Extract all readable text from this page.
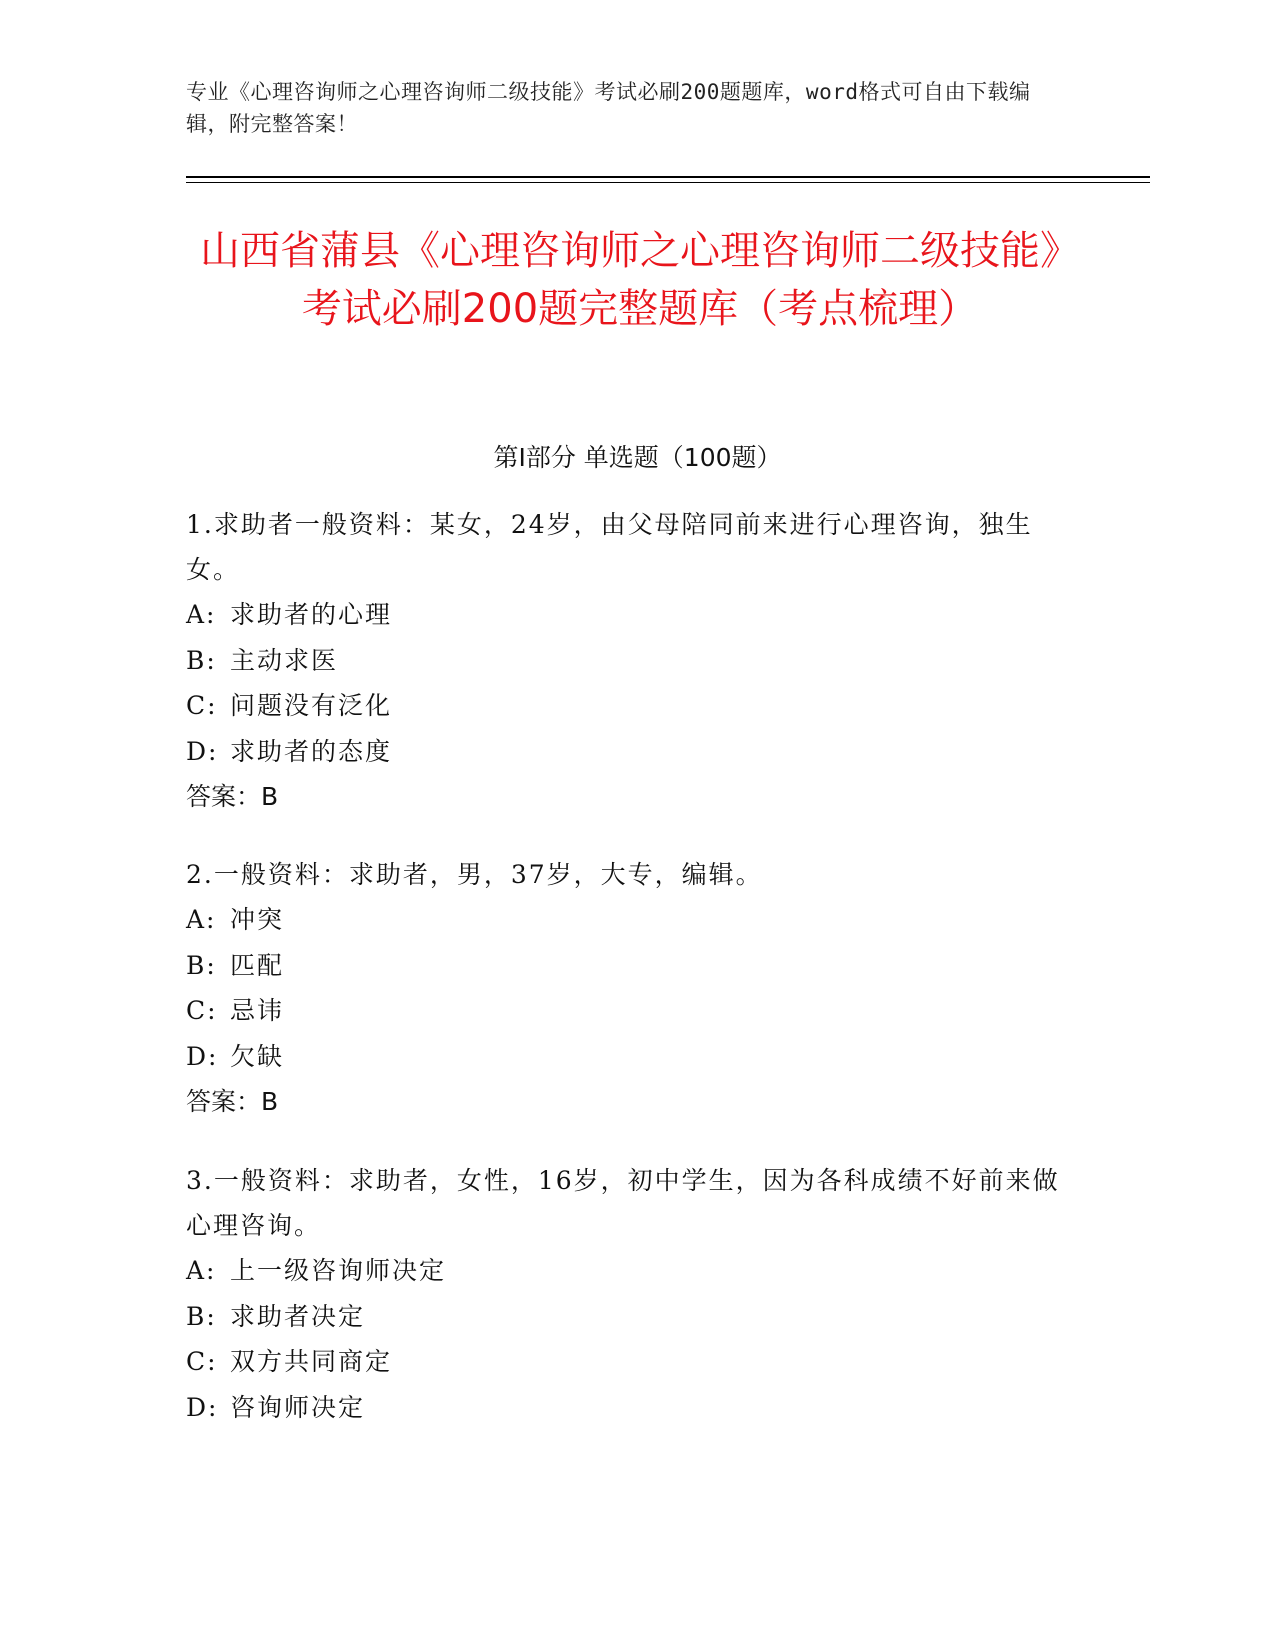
专业《心理咨询师之心理咨询师二级技能》考试必刷200题题库，word格式可自由下载编辑，附完整答案！
山西省蒲县《心理咨询师之心理咨询师二级技能》考试必刷200题完整题库（考点梳理）
第I部分 单选题（100题）

1.求助者一般资料：某女，24岁，由父母陪同前来进行心理咨询，独生女。

A: 求助者的心理

B: 主动求医

C: 问题没有泛化

D: 求助者的态度

答案：B

2.一般资料：求助者，男，37岁，大专，编辑。

A: 冲突

B: 匹配

C: 忌讳

D: 欠缺

答案：B

3.一般资料：求助者，女性，16岁，初中学生，因为各科成绩不好前来做心理咨询。

A: 上一级咨询师决定

B: 求助者决定

C: 双方共同商定

D: 咨询师决定
